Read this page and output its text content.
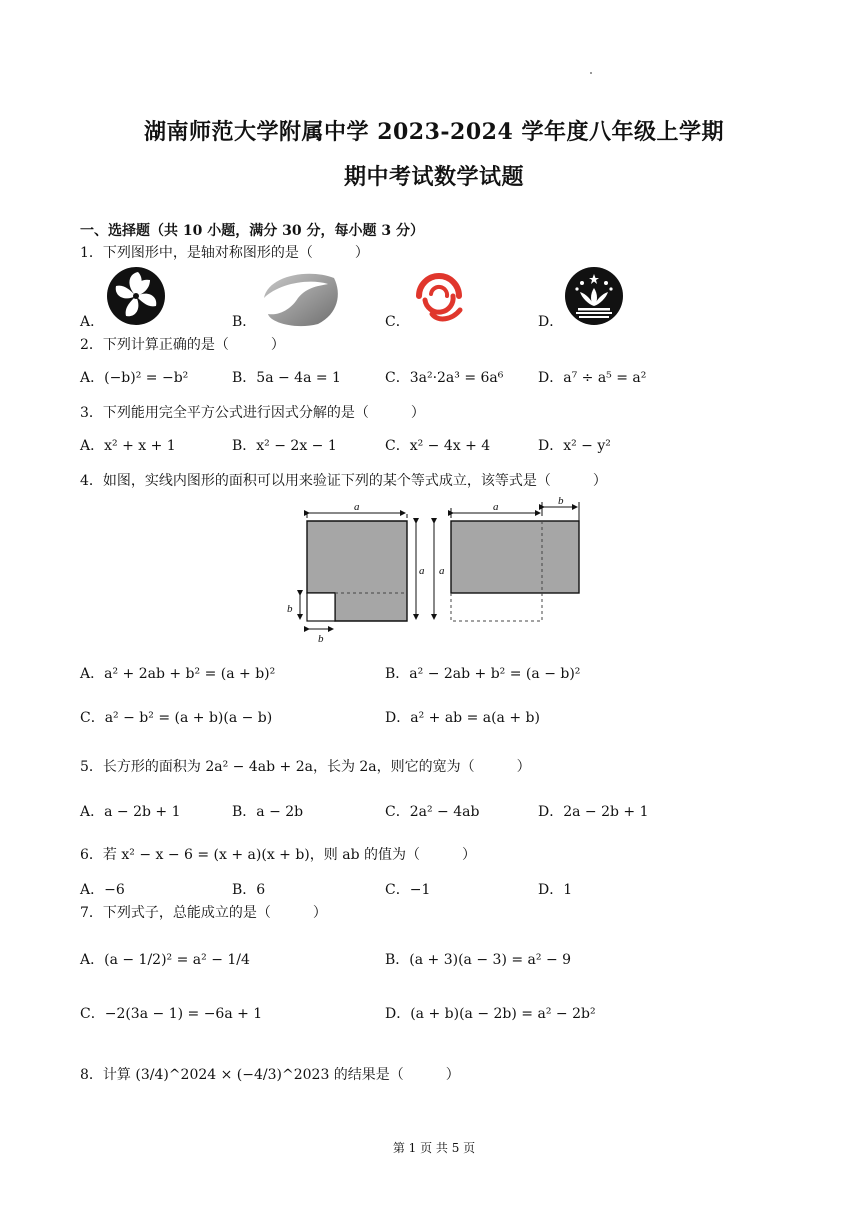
湖南师范大学附属中学 2023-2024 学年度八年级上学期
期中考试数学试题
一、选择题（共 10 小题，满分 30 分，每小题 3 分）
1．下列图形中，是轴对称图形的是（　　　）
A．	B．	C．	D．
2．下列计算正确的是（　　　）
A．(−b)² = −b²	B．5a − 4a = 1	C．3a²·2a³ = 6a⁶ D．a⁷ ÷ a⁵ = a²
3．下列能用完全平方公式进行因式分解的是（　　　）
A．x² + x + 1	B．x² − 2x − 1	C．x² − 4x + 4	D．x² − y²
4．如图，实线内图形的面积可以用来验证下列的某个等式成立，该等式是（　　　）
a
a
b
b
a	b
a
A．a² + 2ab + b² = (a + b)²	B．a² − 2ab + b² = (a − b)²
C．a² − b² = (a + b)(a − b)	D．a² + ab = a(a + b)
5．长方形的面积为 2a² − 4ab + 2a，长为 2a，则它的宽为（　　　）
A．a − 2b + 1	B．a − 2b	C．2a² − 4ab	D．2a − 2b + 1
6．若 x² − x − 6 = (x + a)(x + b)，则 ab 的值为（　　　）
A．−6	B．6	C．−1	D．1
7．下列式子，总能成立的是（　　　）
A．(a − 1/2)² = a² − 1/4	B．(a + 3)(a − 3) = a² − 9
C．−2(3a − 1) = −6a + 1	D．(a + b)(a − 2b) = a² − 2b²
8．计算 (3/4)^2024 × (−4/3)^2023 的结果是（　　　）
第 1 页 共 5 页
